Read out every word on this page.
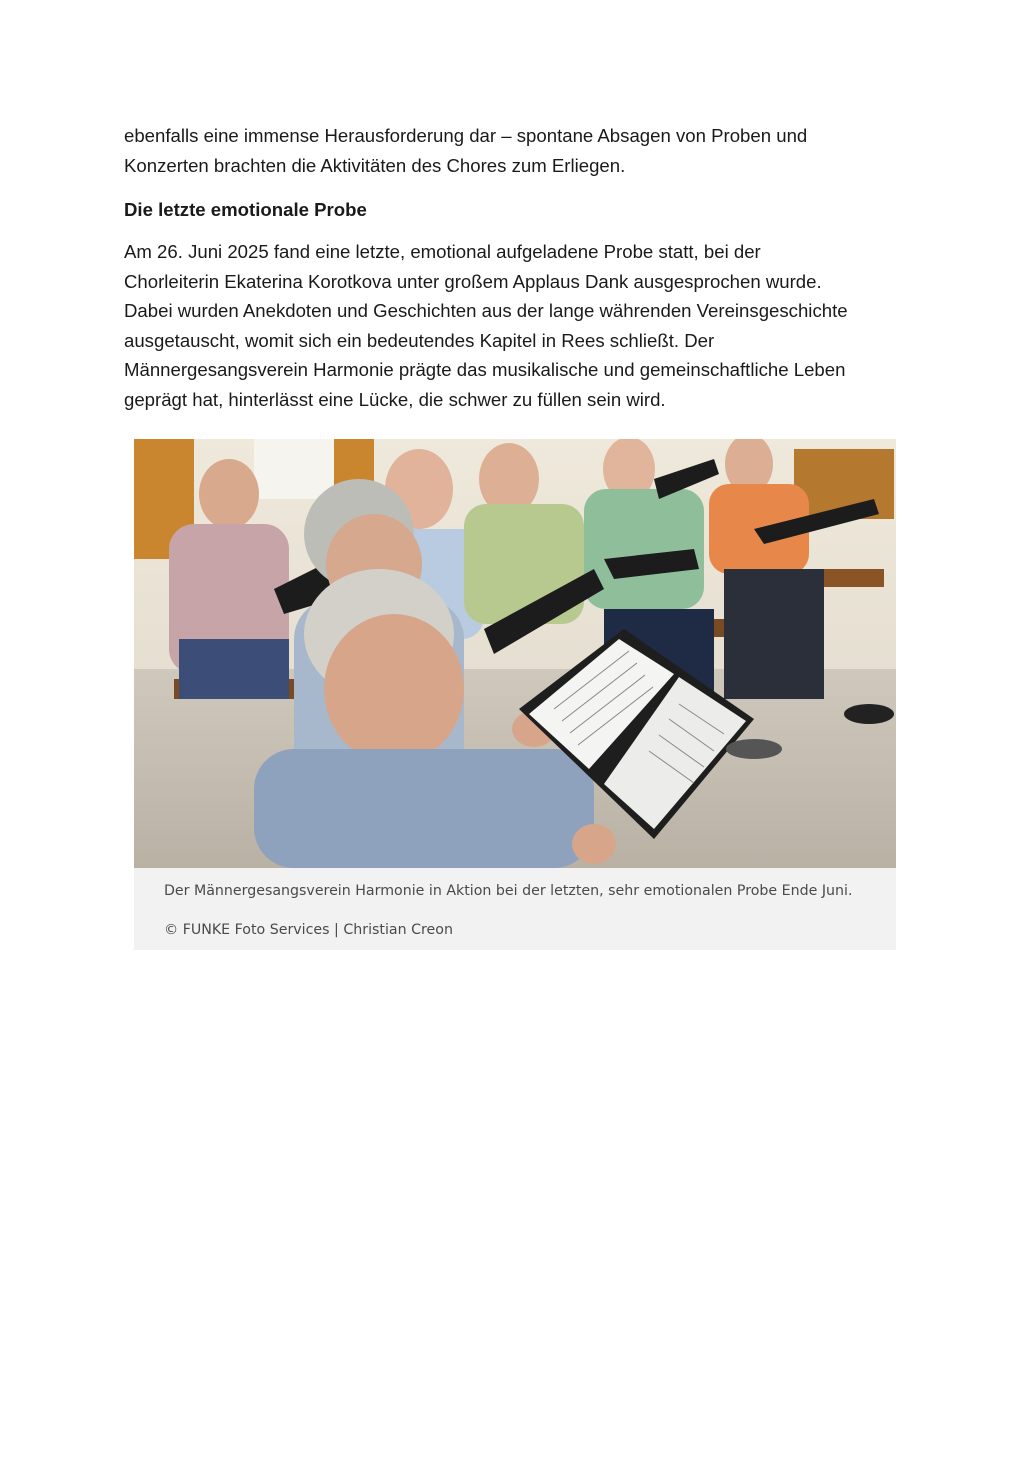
ebenfalls eine immense Herausforderung dar – spontane Absagen von Proben und
Konzerten brachten die Aktivitäten des Chores zum Erliegen.

Die letzte emotionale Probe

Am 26. Juni 2025 fand eine letzte, emotional aufgeladene Probe statt, bei der
Chorleiterin Ekaterina Korotkova unter großem Applaus Dank ausgesprochen wurde.
Dabei wurden Anekdoten und Geschichten aus der lange währenden Vereinsgeschichte
ausgetauscht, womit sich ein bedeutendes Kapitel in Rees schließt. Der
Männergesangsverein Harmonie prägte das musikalische und gemeinschaftliche Leben
geprägt hat, hinterlässt eine Lücke, die schwer zu füllen sein wird.

Der Männergesangsverein Harmonie in Aktion bei der letzten, sehr emotionalen Probe Ende Juni.
© FUNKE Foto Services | Christian Creon
